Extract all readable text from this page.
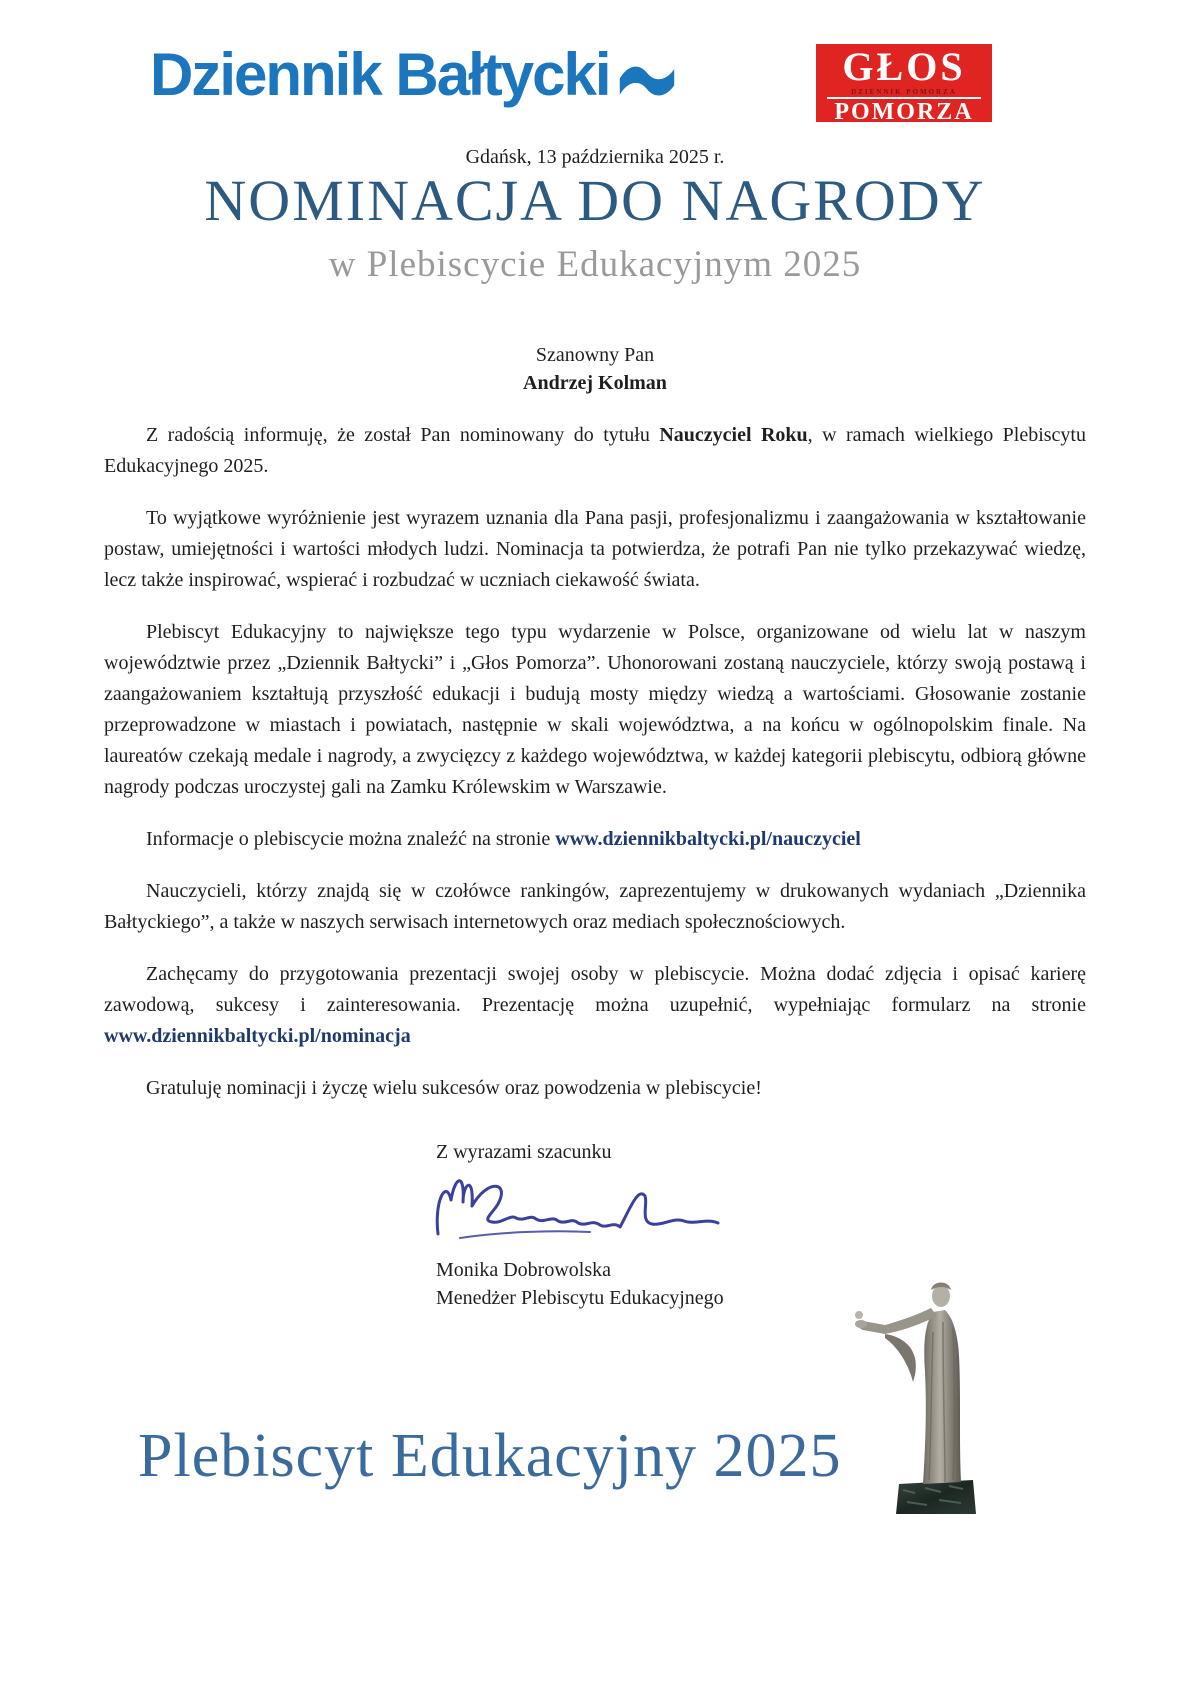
Dziennik Bałtycki	GŁOS
DZIENNIK POMORZA
POMORZA
Gdańsk, 13 października 2025 r.
NOMINACJA DO NAGRODY
w Plebiscycie Edukacyjnym 2025
Szanowny Pan
Andrzej Kolman

Z radością informuję, że został Pan nominowany do tytułu Nauczyciel Roku, w ramach wielkiego Plebiscytu Edukacyjnego 2025.

To wyjątkowe wyróżnienie jest wyrazem uznania dla Pana pasji, profesjonalizmu i zaangażowania w kształtowanie postaw, umiejętności i wartości młodych ludzi. Nominacja ta potwierdza, że potrafi Pan nie tylko przekazywać wiedzę, lecz także inspirować, wspierać i rozbudzać w uczniach ciekawość świata.

Plebiscyt Edukacyjny to największe tego typu wydarzenie w Polsce, organizowane od wielu lat w naszym województwie przez „Dziennik Bałtycki” i „Głos Pomorza”. Uhonorowani zostaną nauczyciele, którzy swoją postawą i zaangażowaniem kształtują przyszłość edukacji i budują mosty między wiedzą a wartościami. Głosowanie zostanie przeprowadzone w miastach i powiatach, następnie w skali województwa, a na końcu w ogólnopolskim finale. Na laureatów czekają medale i nagrody, a zwycięzcy z każdego województwa, w każdej kategorii plebiscytu, odbiorą główne nagrody podczas uroczystej gali na Zamku Królewskim w Warszawie.

Informacje o plebiscycie można znaleźć na stronie www.dziennikbaltycki.pl/nauczyciel

Nauczycieli, którzy znajdą się w czołówce rankingów, zaprezentujemy w drukowanych wydaniach „Dziennika Bałtyckiego”, a także w naszych serwisach internetowych oraz mediach społecznościowych.

Zachęcamy do przygotowania prezentacji swojej osoby w plebiscycie. Można dodać zdjęcia i opisać karierę zawodową, sukcesy i zainteresowania. Prezentację można uzupełnić, wypełniając formularz na stronie www.dziennikbaltycki.pl/nominacja

Gratuluję nominacji i życzę wielu sukcesów oraz powodzenia w plebiscycie!

Z wyrazami szacunku
Monika Dobrowolska
Menedżer Plebiscytu Edukacyjnego
Plebiscyt Edukacyjny 2025
